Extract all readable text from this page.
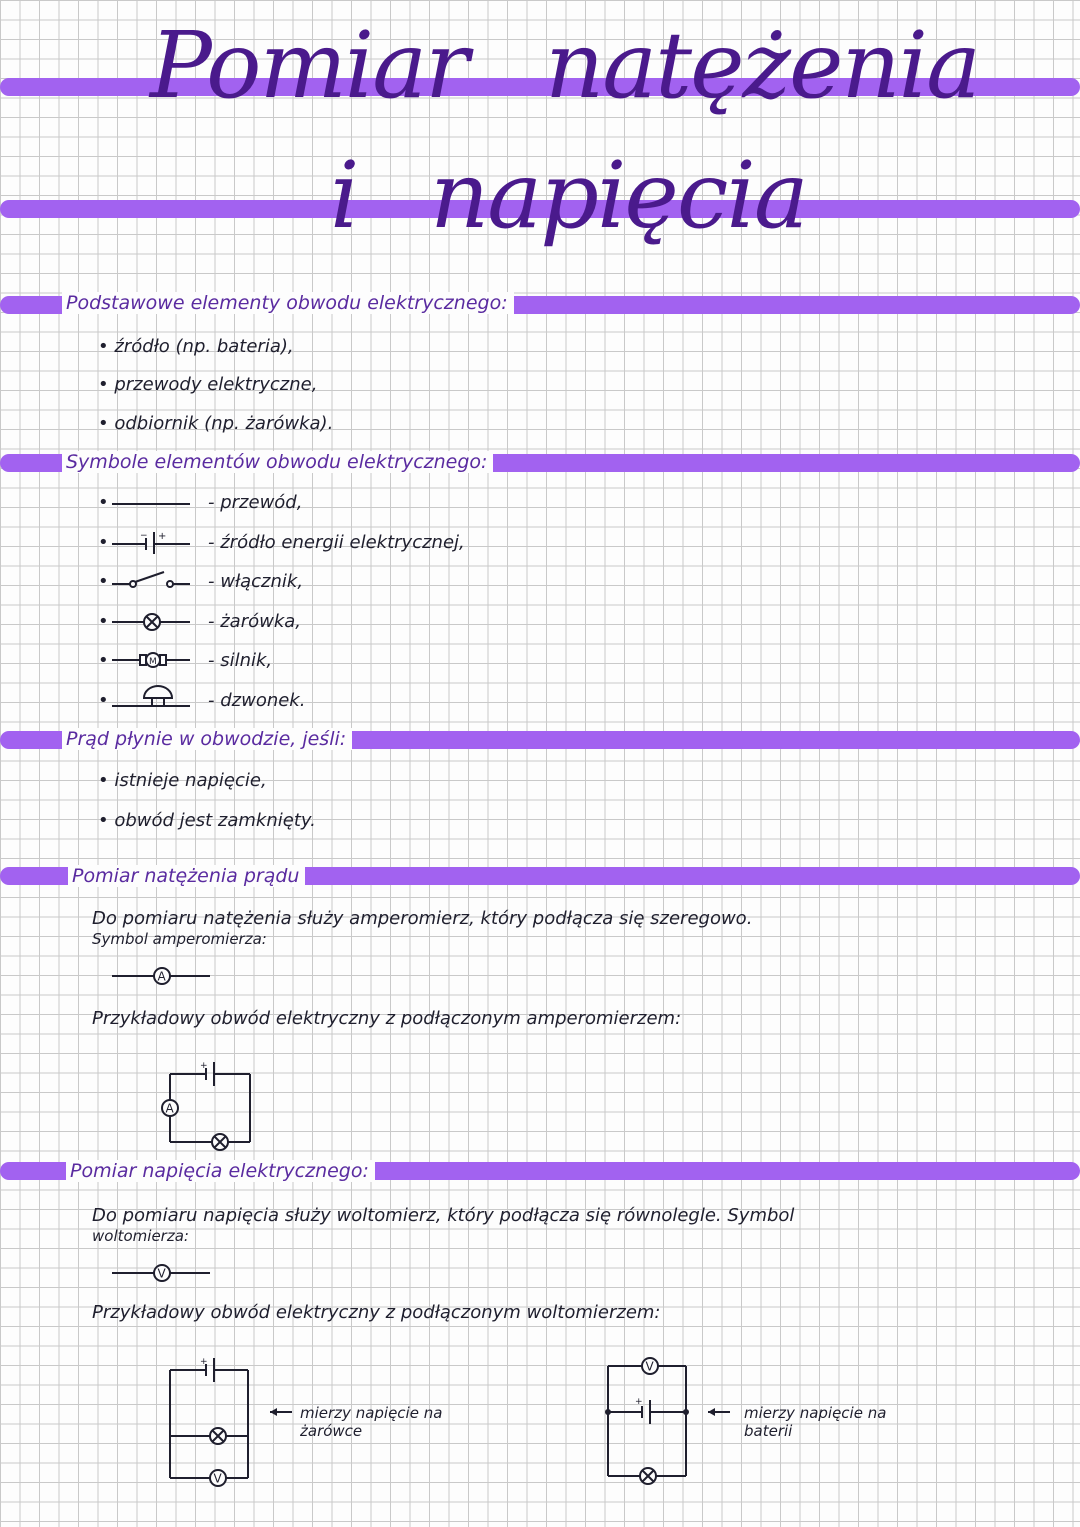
Pomiar natężenia
i napięcia
Podstawowe elementy obwodu elektrycznego:
• źródło (np. bateria),
• przewody elektryczne,
• odbiornik (np. żarówka).
Symbole elementów obwodu elektrycznego:
•	- przewód,
•	− + - źródło energii elektrycznej,
•	- włącznik,
•	- żarówka,
•	M	- silnik,
•	- dzwonek.
Prąd płynie w obwodzie, jeśli:
• istnieje napięcie,
• obwód jest zamknięty.
Pomiar natężenia prądu
Do pomiaru natężenia służy amperomierz, który podłącza się szeregowo.
Symbol amperomierza:
A
Przykładowy obwód elektryczny z podłączonym amperomierzem:
+
A
Pomiar napięcia elektrycznego:
Do pomiaru napięcia służy woltomierz, który podłącza się równolegle. Symbol
woltomierza:
V
Przykładowy obwód elektryczny z podłączonym woltomierzem:
+
V
mierzy napięcie na
żarówce
V
+
mierzy napięcie na
baterii
